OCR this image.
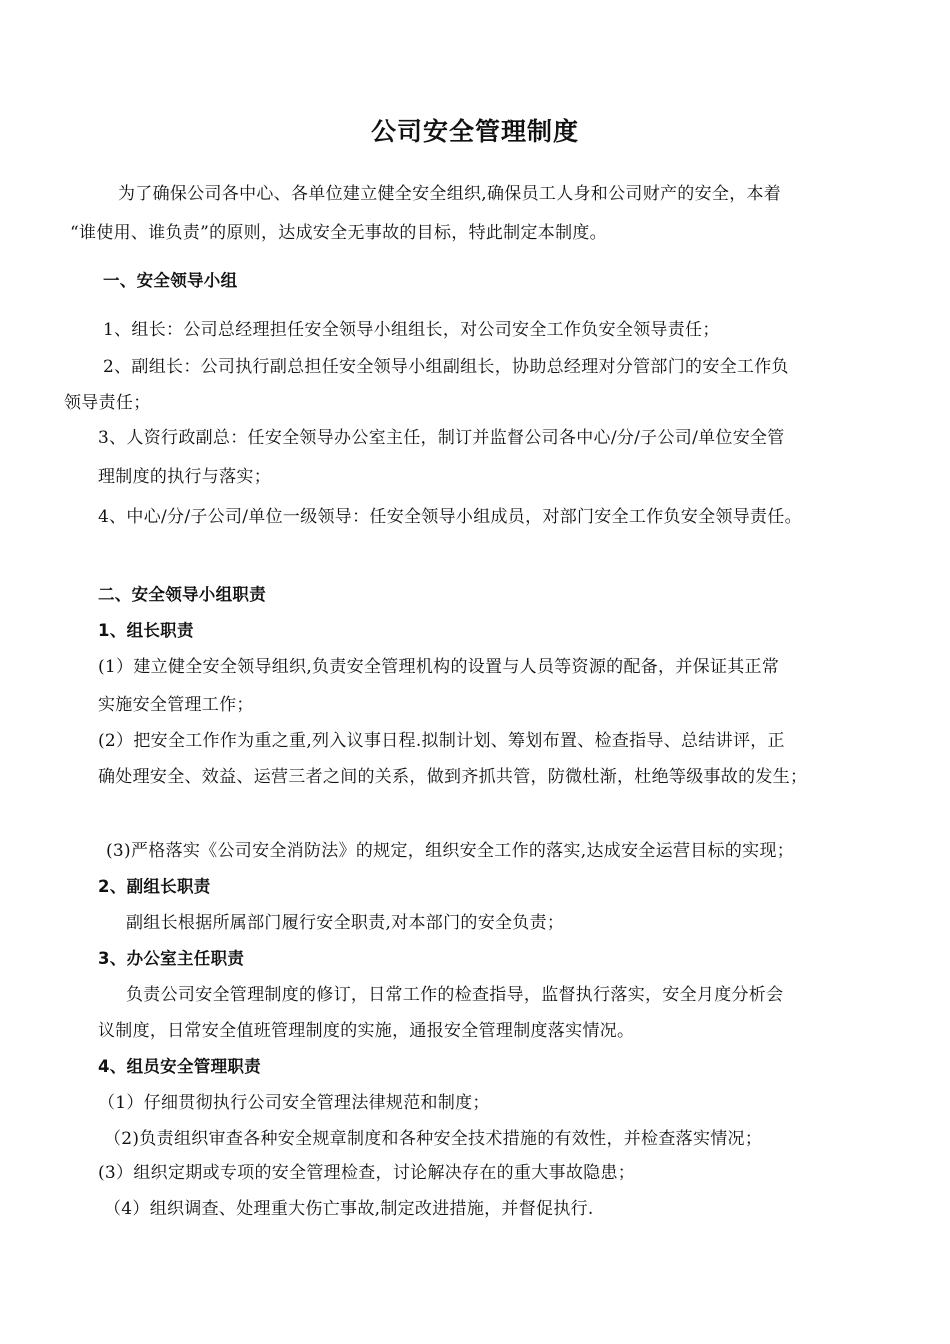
公司安全管理制度

为了确保公司各中心、各单位建立健全安全组织,确保员工人身和公司财产的安全，本着

“谁使用、谁负责”的原则，达成安全无事故的目标，特此制定本制度。

一、安全领导小组

1、组长：公司总经理担任安全领导小组组长，对公司安全工作负安全领导责任；

2、副组长：公司执行副总担任安全领导小组副组长，协助总经理对分管部门的安全工作负

领导责任；

3、人资行政副总：任安全领导办公室主任，制订并监督公司各中心/分/子公司/单位安全管

理制度的执行与落实；

4、中心/分/子公司/单位一级领导：任安全领导小组成员，对部门安全工作负安全领导责任。

二、安全领导小组职责

1、组长职责

(1）建立健全安全领导组织,负责安全管理机构的设置与人员等资源的配备，并保证其正常

实施安全管理工作；

(2）把安全工作作为重之重,列入议事日程.拟制计划、筹划布置、检查指导、总结讲评，正

确处理安全、效益、运营三者之间的关系，做到齐抓共管，防微杜渐，杜绝等级事故的发生；

(3)严格落实《公司安全消防法》的规定，组织安全工作的落实,达成安全运营目标的实现；

2、副组长职责

副组长根据所属部门履行安全职责,对本部门的安全负责；

3、办公室主任职责

负责公司安全管理制度的修订，日常工作的检查指导，监督执行落实，安全月度分析会

议制度，日常安全值班管理制度的实施，通报安全管理制度落实情况。

4、组员安全管理职责

（1）仔细贯彻执行公司安全管理法律规范和制度；

（2)负责组织审查各种安全规章制度和各种安全技术措施的有效性，并检查落实情况；

(3）组织定期或专项的安全管理检查，讨论解决存在的重大事故隐患；

（4）组织调查、处理重大伤亡事故,制定改进措施，并督促执行.
